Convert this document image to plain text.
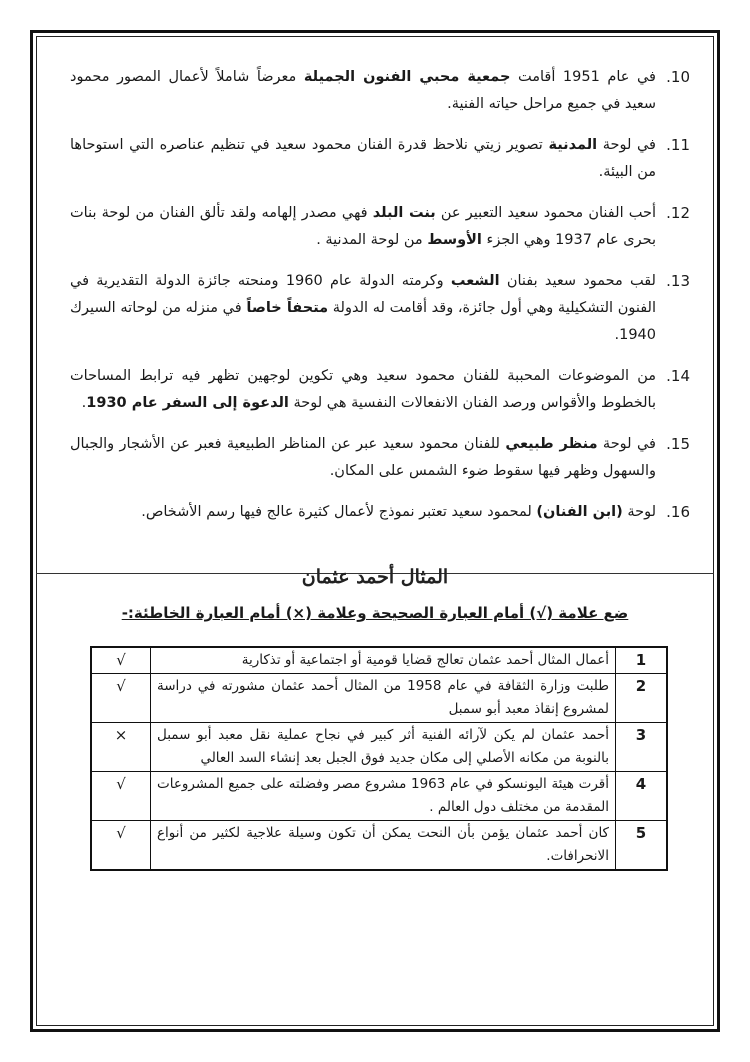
10.
في عام 1951 أقامت جمعية محبي الفنون الجميلة معرضاً شاملاً لأعمال المصور محمود سعيد في جميع مراحل حياته الفنية.
11.
في لوحة المدنية تصوير زيتي نلاحظ قدرة الفنان محمود سعيد في تنظيم عناصره التي استوحاها من البيئة.
12.
أحب الفنان محمود سعيد التعبير عن بنت البلد فهي مصدر إلهامه ولقد تألق الفنان من لوحة بنات بحرى عام 1937 وهي الجزء الأوسط من لوحة المدنية .
13.
لقب محمود سعيد بفنان الشعب وكرمته الدولة عام 1960 ومنحته جائزة الدولة التقديرية في الفنون التشكيلية وهي أول جائزة، وقد أقامت له الدولة متحفاً خاصاً في منزله من لوحاته السيرك 1940.
14.
من الموضوعات المحببة للفنان محمود سعيد وهي تكوين لوجهين تظهر فيه ترابط المساحات بالخطوط والأقواس ورصد الفنان الانفعالات النفسية هي لوحة الدعوة إلى السفر عام 1930.
15.
في لوحة منظر طبيعي للفنان محمود سعيد عبر عن المناظر الطبيعية فعبر عن الأشجار والجبال والسهول وظهر فيها سقوط ضوء الشمس على المكان.
16.
لوحة (ابن الفنان) لمحمود سعيد تعتبر نموذج لأعمال كثيرة عالج فيها رسم الأشخاص.
المثال أحمد عثمان
ضع علامة (√) أمام العبارة الصحيحة وعلامة (×) أمام العبارة الخاطئة:-
1	أعمال المثال أحمد عثمان تعالج قضايا قومية أو اجتماعية أو تذكارية	√
2	طلبت وزارة الثقافة في عام 1958 من المثال أحمد عثمان مشورته في دراسة لمشروع إنقاذ معبد أبو سمبل	√
3	أحمد عثمان لم يكن لآرائه الفنية أثر كبير في نجاح عملية نقل معبد أبو سمبل بالنوبة من مكانه الأصلي إلى مكان جديد فوق الجبل بعد إنشاء السد العالي	×
4	أقرت هيئة اليونسكو في عام 1963 مشروع مصر وفضلته على جميع المشروعات المقدمة من مختلف دول العالم .	√
5	كان أحمد عثمان يؤمن بأن النحت يمكن أن تكون وسيلة علاجية لكثير من أنواع الانحرافات.	√
